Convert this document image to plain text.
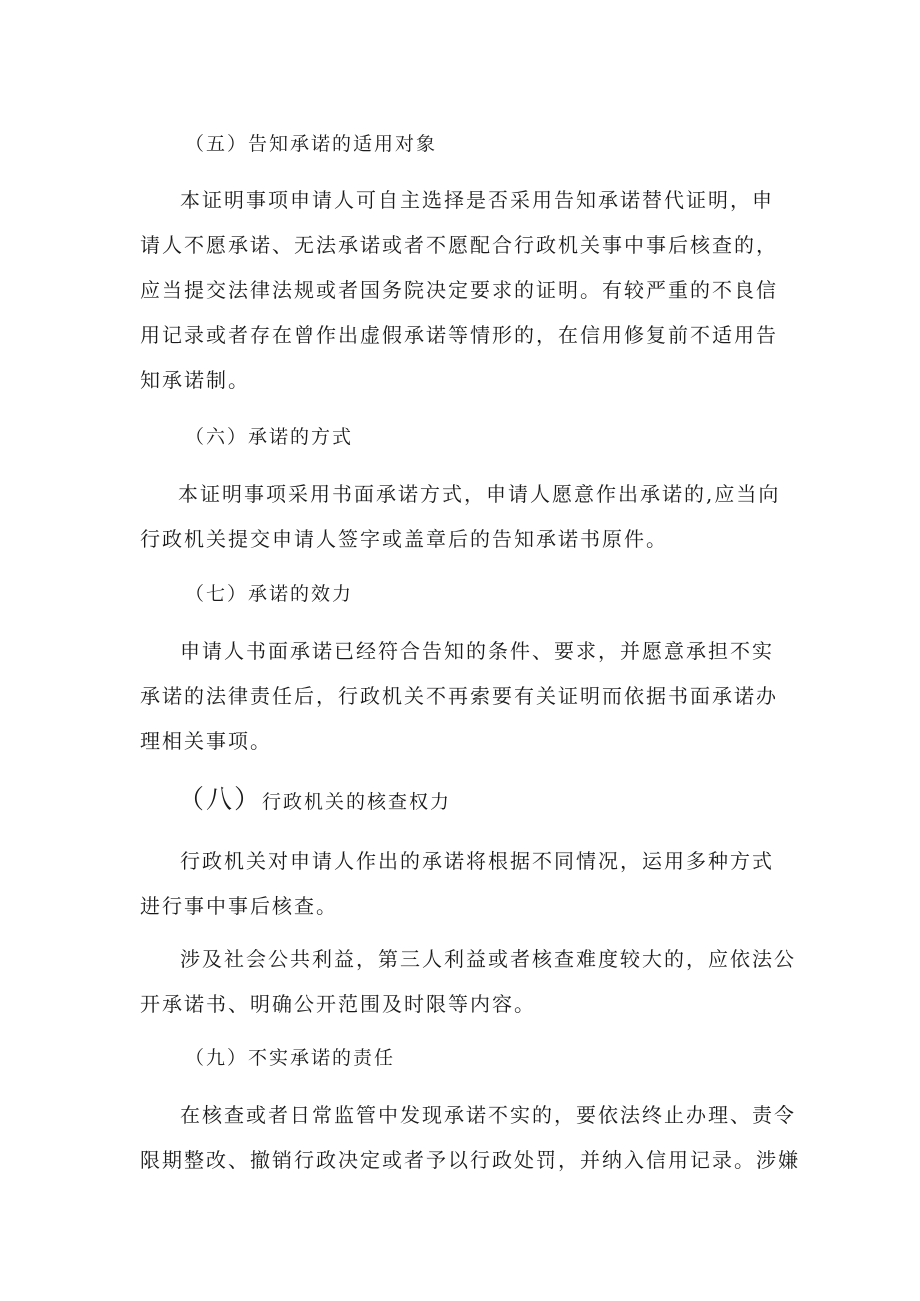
（五）告知承诺的适用对象

本证明事项申请人可自主选择是否采用告知承诺替代证明，申

请人不愿承诺、无法承诺或者不愿配合行政机关事中事后核查的，

应当提交法律法规或者国务院决定要求的证明。有较严重的不良信

用记录或者存在曾作出虚假承诺等情形的，在信用修复前不适用告

知承诺制。

（六）承诺的方式

本证明事项采用书面承诺方式，申请人愿意作出承诺的,应当向

行政机关提交申请人签字或盖章后的告知承诺书原件。

（七）承诺的效力

申请人书面承诺已经符合告知的条件、要求，并愿意承担不实

承诺的法律责任后，行政机关不再索要有关证明而依据书面承诺办

理相关事项。

（八）行政机关的核查权力

行政机关对申请人作出的承诺将根据不同情况，运用多种方式

进行事中事后核查。

涉及社会公共利益，第三人利益或者核查难度较大的，应依法公

开承诺书、明确公开范围及时限等内容。

（九）不实承诺的责任

在核查或者日常监管中发现承诺不实的，要依法终止办理、责令

限期整改、撤销行政决定或者予以行政处罚，并纳入信用记录。涉嫌
